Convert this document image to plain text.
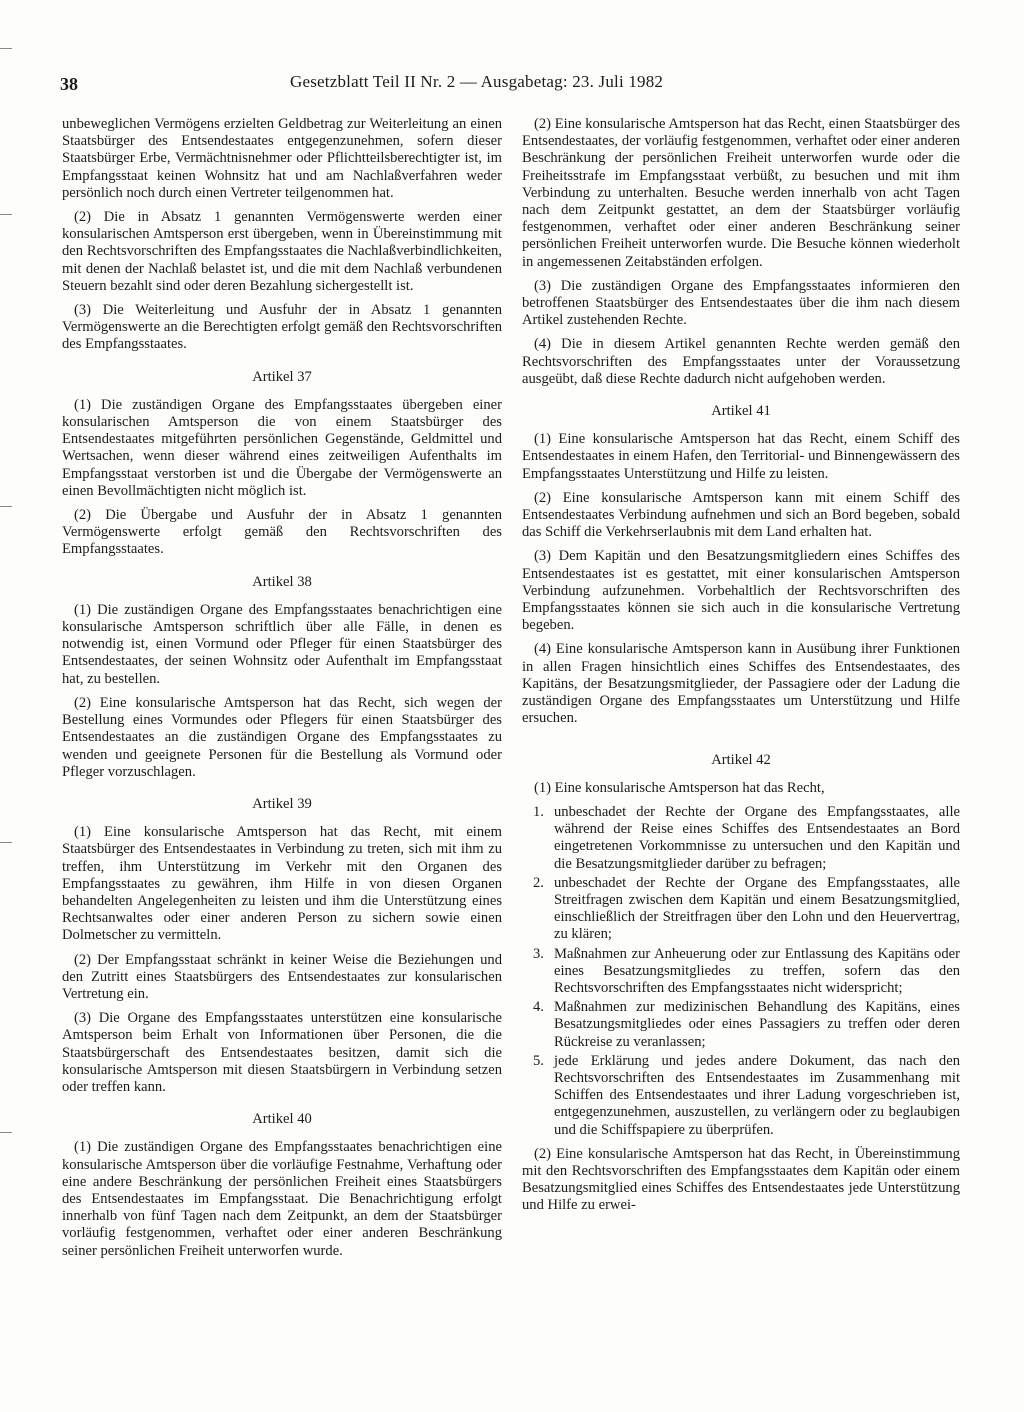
38	Gesetzblatt Teil II Nr. 2 — Ausgabetag: 23. Juli 1982

unbeweglichen Vermögens erzielten Geldbetrag zur Weiterleitung an einen Staatsbürger des Entsendestaates entgegenzunehmen, sofern dieser Staatsbürger Erbe, Vermächtnisnehmer oder Pflichtteilsberechtigter ist, im Empfangsstaat keinen Wohnsitz hat und am Nachlaßverfahren weder persönlich noch durch einen Vertreter teilgenommen hat.

(2) Die in Absatz 1 genannten Vermögenswerte werden einer konsularischen Amtsperson erst übergeben, wenn in Übereinstimmung mit den Rechtsvorschriften des Empfangsstaates die Nachlaßverbindlichkeiten, mit denen der Nachlaß belastet ist, und die mit dem Nachlaß verbundenen Steuern bezahlt sind oder deren Bezahlung sichergestellt ist.

(3) Die Weiterleitung und Ausfuhr der in Absatz 1 genannten Vermögenswerte an die Berechtigten erfolgt gemäß den Rechtsvorschriften des Empfangsstaates.

Artikel 37

(1) Die zuständigen Organe des Empfangsstaates übergeben einer konsularischen Amtsperson die von einem Staatsbürger des Entsendestaates mitgeführten persönlichen Gegenstände, Geldmittel und Wertsachen, wenn dieser während eines zeitweiligen Aufenthalts im Empfangsstaat verstorben ist und die Übergabe der Vermögenswerte an einen Bevollmächtigten nicht möglich ist.

(2) Die Übergabe und Ausfuhr der in Absatz 1 genannten Vermögenswerte erfolgt gemäß den Rechtsvorschriften des Empfangsstaates.

Artikel 38

(1) Die zuständigen Organe des Empfangsstaates benachrichtigen eine konsularische Amtsperson schriftlich über alle Fälle, in denen es notwendig ist, einen Vormund oder Pfleger für einen Staatsbürger des Entsendestaates, der seinen Wohnsitz oder Aufenthalt im Empfangsstaat hat, zu bestellen.

(2) Eine konsularische Amtsperson hat das Recht, sich wegen der Bestellung eines Vormundes oder Pflegers für einen Staatsbürger des Entsendestaates an die zuständigen Organe des Empfangsstaates zu wenden und geeignete Personen für die Bestellung als Vormund oder Pfleger vorzuschlagen.

Artikel 39

(1) Eine konsularische Amtsperson hat das Recht, mit einem Staatsbürger des Entsendestaates in Verbindung zu treten, sich mit ihm zu treffen, ihm Unterstützung im Verkehr mit den Organen des Empfangsstaates zu gewähren, ihm Hilfe in von diesen Organen behandelten Angelegenheiten zu leisten und ihm die Unterstützung eines Rechtsanwaltes oder einer anderen Person zu sichern sowie einen Dolmetscher zu vermitteln.

(2) Der Empfangsstaat schränkt in keiner Weise die Beziehungen und den Zutritt eines Staatsbürgers des Entsendestaates zur konsularischen Vertretung ein.

(3) Die Organe des Empfangsstaates unterstützen eine konsularische Amtsperson beim Erhalt von Informationen über Personen, die die Staatsbürgerschaft des Entsendestaates besitzen, damit sich die konsularische Amtsperson mit diesen Staatsbürgern in Verbindung setzen oder treffen kann.

Artikel 40

(1) Die zuständigen Organe des Empfangsstaates benachrichtigen eine konsularische Amtsperson über die vorläufige Festnahme, Verhaftung oder eine andere Beschränkung der persönlichen Freiheit eines Staatsbürgers des Entsendestaates im Empfangsstaat. Die Benachrichtigung erfolgt innerhalb von fünf Tagen nach dem Zeitpunkt, an dem der Staatsbürger vorläufig festgenommen, verhaftet oder einer anderen Beschränkung seiner persönlichen Freiheit unterworfen wurde.

(2) Eine konsularische Amtsperson hat das Recht, einen Staatsbürger des Entsendestaates, der vorläufig festgenommen, verhaftet oder einer anderen Beschränkung der persönlichen Freiheit unterworfen wurde oder die Freiheitsstrafe im Empfangsstaat verbüßt, zu besuchen und mit ihm Verbindung zu unterhalten. Besuche werden innerhalb von acht Tagen nach dem Zeitpunkt gestattet, an dem der Staatsbürger vorläufig festgenommen, verhaftet oder einer anderen Beschränkung seiner persönlichen Freiheit unterworfen wurde. Die Besuche können wiederholt in angemessenen Zeitabständen erfolgen.

(3) Die zuständigen Organe des Empfangsstaates informieren den betroffenen Staatsbürger des Entsendestaates über die ihm nach diesem Artikel zustehenden Rechte.

(4) Die in diesem Artikel genannten Rechte werden gemäß den Rechtsvorschriften des Empfangsstaates unter der Voraussetzung ausgeübt, daß diese Rechte dadurch nicht aufgehoben werden.

Artikel 41

(1) Eine konsularische Amtsperson hat das Recht, einem Schiff des Entsendestaates in einem Hafen, den Territorial- und Binnengewässern des Empfangsstaates Unterstützung und Hilfe zu leisten.

(2) Eine konsularische Amtsperson kann mit einem Schiff des Entsendestaates Verbindung aufnehmen und sich an Bord begeben, sobald das Schiff die Verkehrserlaubnis mit dem Land erhalten hat.

(3) Dem Kapitän und den Besatzungsmitgliedern eines Schiffes des Entsendestaates ist es gestattet, mit einer konsularischen Amtsperson Verbindung aufzunehmen. Vorbehaltlich der Rechtsvorschriften des Empfangsstaates können sie sich auch in die konsularische Vertretung begeben.

(4) Eine konsularische Amtsperson kann in Ausübung ihrer Funktionen in allen Fragen hinsichtlich eines Schiffes des Entsendestaates, des Kapitäns, der Besatzungsmitglieder, der Passagiere oder der Ladung die zuständigen Organe des Empfangsstaates um Unterstützung und Hilfe ersuchen.

Artikel 42

(1) Eine konsularische Amtsperson hat das Recht,

1. unbeschadet der Rechte der Organe des Empfangsstaates, alle während der Reise eines Schiffes des Entsendestaates an Bord eingetretenen Vorkommnisse zu untersuchen und den Kapitän und die Besatzungsmitglieder darüber zu befragen;
2. unbeschadet der Rechte der Organe des Empfangsstaates, alle Streitfragen zwischen dem Kapitän und einem Besatzungsmitglied, einschließlich der Streitfragen über den Lohn und den Heuervertrag, zu klären;
3. Maßnahmen zur Anheuerung oder zur Entlassung des Kapitäns oder eines Besatzungsmitgliedes zu treffen, sofern das den Rechtsvorschriften des Empfangsstaates nicht widerspricht;
4. Maßnahmen zur medizinischen Behandlung des Kapitäns, eines Besatzungsmitgliedes oder eines Passagiers zu treffen oder deren Rückreise zu veranlassen;
5. jede Erklärung und jedes andere Dokument, das nach den Rechtsvorschriften des Entsendestaates im Zusammenhang mit Schiffen des Entsendestaates und ihrer Ladung vorgeschrieben ist, entgegenzunehmen, auszustellen, zu verlängern oder zu beglaubigen und die Schiffspapiere zu überprüfen.

(2) Eine konsularische Amtsperson hat das Recht, in Übereinstimmung mit den Rechtsvorschriften des Empfangsstaates dem Kapitän oder einem Besatzungsmitglied eines Schiffes des Entsendestaates jede Unterstützung und Hilfe zu erwei-
